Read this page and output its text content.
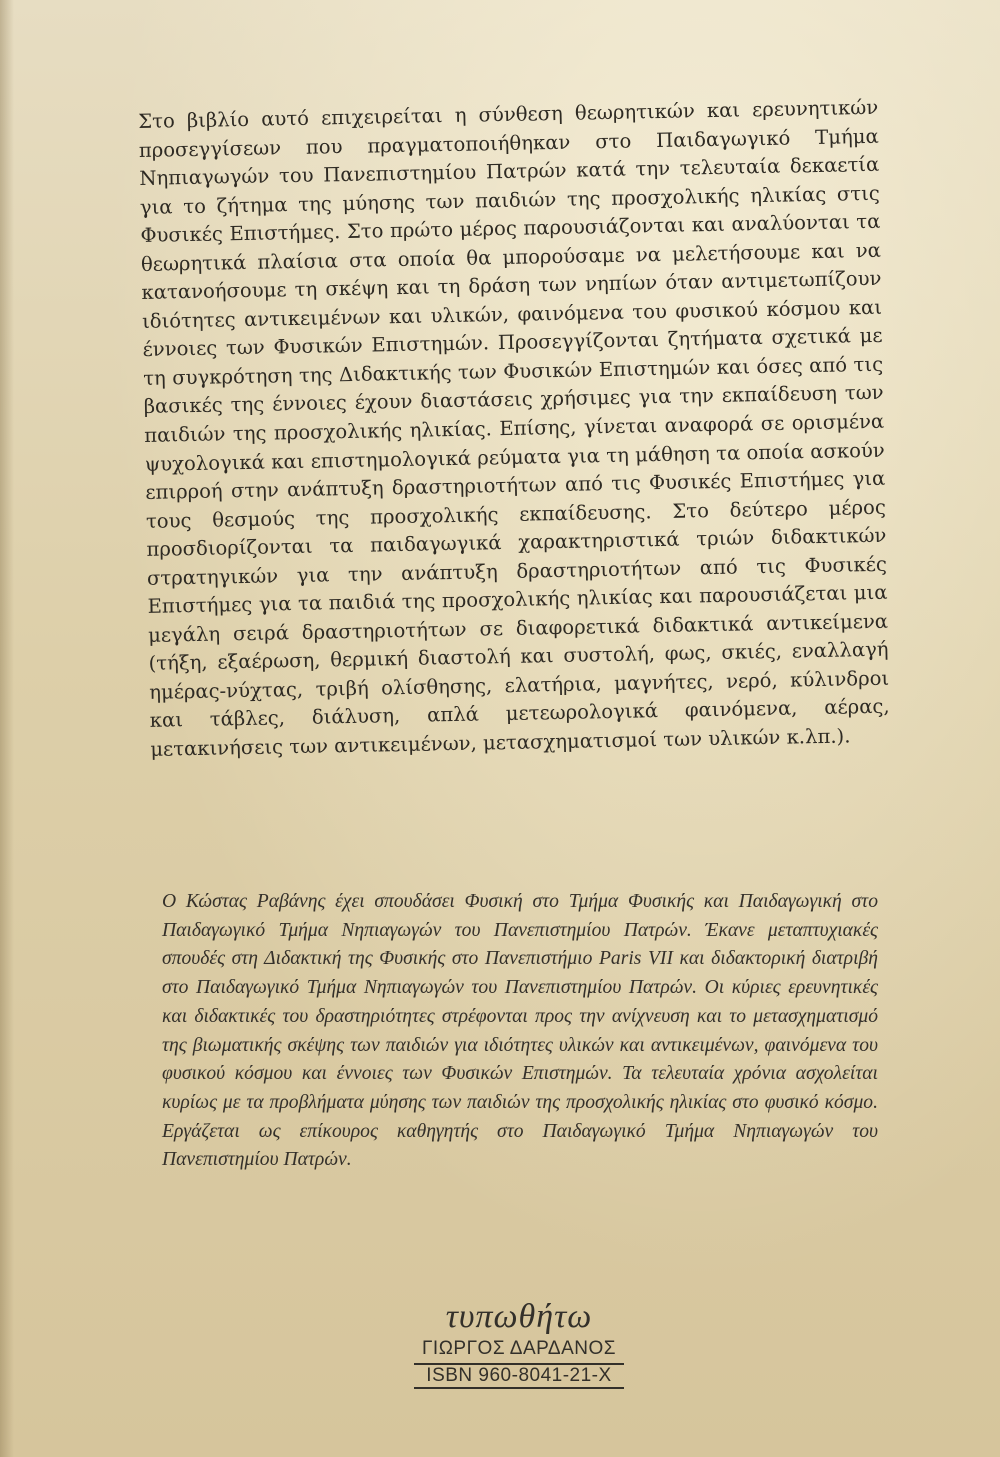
Στο βιβλίο αυτό επιχειρείται η σύνθεση θεωρητικών και ερευνητικών προσεγγίσεων που πραγματοποιήθηκαν στο Παιδαγωγικό Τμήμα Νηπιαγωγών του Πανεπιστημίου Πατρών κατά την τελευταία δεκαετία για το ζήτημα της μύησης των παιδιών της προσχολικής ηλικίας στις Φυσικές Επιστήμες. Στο πρώτο μέρος παρουσιάζονται και αναλύονται τα θεωρητικά πλαίσια στα οποία θα μπορούσαμε να μελετήσουμε και να κατανοήσουμε τη σκέψη και τη δράση των νηπίων όταν αντιμετωπίζουν ιδιότητες αντικειμένων και υλικών, φαινόμενα του φυσικού κόσμου και έννοιες των Φυσικών Επιστημών. Προσεγγίζονται ζητήματα σχετικά με τη συγκρότηση της Διδακτικής των Φυσικών Επιστημών και όσες από τις βασικές της έννοιες έχουν διαστάσεις χρήσιμες για την εκπαίδευση των παιδιών της προσχολικής ηλικίας. Επίσης, γίνεται αναφορά σε ορισμένα ψυχολογικά και επιστημολογικά ρεύματα για τη μάθηση τα οποία ασκούν επιρροή στην ανάπτυξη δραστηριοτήτων από τις Φυσικές Επιστήμες για τους θεσμούς της προσχολικής εκπαίδευσης. Στο δεύτερο μέρος προσδιορίζονται τα παιδαγωγικά χαρακτηριστικά τριών διδακτικών στρατηγικών για την ανάπτυξη δραστηριοτήτων από τις Φυσικές Επιστήμες για τα παιδιά της προσχολικής ηλικίας και παρουσιάζεται μια μεγάλη σειρά δραστηριοτήτων σε διαφορετικά διδακτικά αντικείμενα (τήξη, εξαέρωση, θερμική διαστολή και συστολή, φως, σκιές, εναλλαγή ημέρας-νύχτας, τριβή ολίσθησης, ελατήρια, μαγνήτες, νερό, κύλινδροι και τάβλες, διάλυση, απλά μετεωρολογικά φαινόμενα, αέρας, μετακινήσεις των αντικειμένων, μετασχηματισμοί των υλικών κ.λπ.).

Ο Κώστας Ραβάνης έχει σπουδάσει Φυσική στο Τμήμα Φυσικής και Παιδαγωγική στο Παιδαγωγικό Τμήμα Νηπιαγωγών του Πανεπιστημίου Πατρών. Έκανε μεταπτυχιακές σπουδές στη Διδακτική της Φυσικής στο Πανεπιστήμιο Paris VII και διδακτορική διατριβή στο Παιδαγωγικό Τμήμα Νηπιαγωγών του Πανεπιστημίου Πατρών. Οι κύριες ερευνητικές και διδακτικές του δραστηριότητες στρέφονται προς την ανίχνευση και το μετασχηματισμό της βιωματικής σκέψης των παιδιών για ιδιότητες υλικών και αντικειμένων, φαινόμενα του φυσικού κόσμου και έννοιες των Φυσικών Επιστημών. Τα τελευταία χρόνια ασχολείται κυρίως με τα προβλήματα μύησης των παιδιών της προσχολικής ηλικίας στο φυσικό κόσμο. Εργάζεται ως επίκουρος καθηγητής στο Παιδαγωγικό Τμήμα Νηπιαγωγών του Πανεπιστημίου Πατρών.

τυπωθήτω
ΓΙΩΡΓΟΣ ΔΑΡΔΑΝΟΣ
ISBN 960-8041-21-X
